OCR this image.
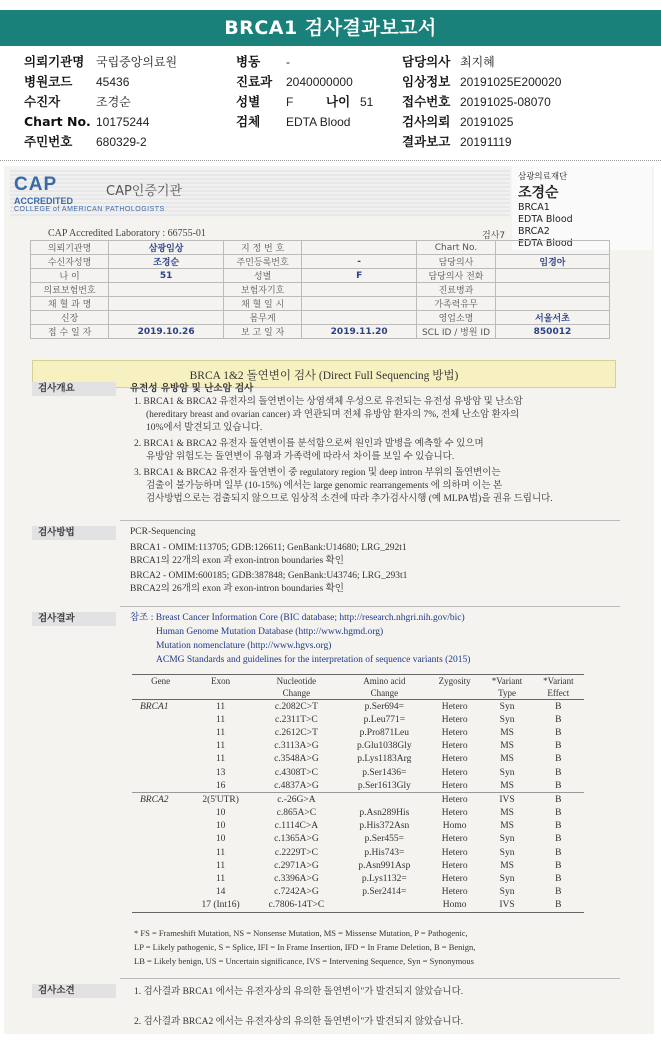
BRCA1 검사결과보고서
의뢰기관명 국립중앙의료원	병동 -	담당의사 최지혜
병원코드 45436	진료과 2040000000	임상정보 20191025E200020
수진자	조경순	성별 F	나이 51 접수번호 20191025-08070
Chart No. 10175244	검체 EDTA Blood	검사의뢰 20191025
주민번호 680329-2	결과보고 20191119
CAP
ACCREDITED
COLLEGE of AMERICAN PATHOLOGISTS
CAP인증기관
삼광의료재단
조경순
BRCA1
EDTA Blood
BRCA2
EDTA Blood
CAP Accredited Laboratory : 66755-01	검사7
의뢰기관명	삼광임상	지 정 번 호		Chart No.	
수신자성명	조경순	주민등록번호	-	담당의사	임경아
나 이	51	성별	F	담당의사 전화	
의료보험번호		보험자기호		진료병과	
채 혈 과 명		채 혈 일 시		가족력유무	
신장		몸무게		영업소명	서울서초
접 수 일 자	2019.10.26	보 고 일 자	2019.11.20	SCL ID / 병원 ID	850012
BRCA 1&2 돌연변이 검사 (Direct Full Sequencing 방법)
검사개요	유전성 유방암 및 난소암 검사
1. BRCA1 & BRCA2 유전자의 돌연변이는 상염색체 우성으로 유전되는 유전성 유방암 및 난소암
(hereditary breast and ovarian cancer) 과 연관되며 전체 유방암 환자의 7%, 전체 난소암 환자의
10%에서 발견되고 있습니다.
2. BRCA1 & BRCA2 유전자 돌연변이를 분석함으로써 원인과 발병을 예측할 수 있으며
유방암 위험도는 돌연변이 유형과 가족력에 따라서 차이를 보일 수 있습니다.
3. BRCA1 & BRCA2 유전자 돌연변이 중 regulatory region 및 deep intron 부위의 돌연변이는
검출이 불가능하며 일부 (10-15%) 에서는 large genomic rearrangements 에 의하며 이는 본
검사방법으로는 검출되지 않으므로 임상적 소견에 따라 추가검사시행 (예 MLPA법)을 권유 드립니다.
검사방법	PCR-Sequencing
BRCA1 - OMIM:113705; GDB:126611; GenBank:U14680; LRG_292t1
BRCA1의 22개의 exon 과 exon-intron boundaries 확인
BRCA2 - OMIM:600185; GDB:387848; GenBank:U43746; LRG_293t1
BRCA2의 26개의 exon 과 exon-intron boundaries 확인
검사결과	참조 : Breast Cancer Information Core (BIC database; http://research.nhgri.nih.gov/bic)
Human Genome Mutation Database (http://www.hgmd.org)
Mutation nomenclature (http://www.hgvs.org)
ACMG Standards and guidelines for the interpretation of sequence variants (2015)
Gene	Exon	Nucleotide	Amino acid	Zygosity	*Variant	*Variant
		Change	Change		Type	Effect
BRCA1	11	c.2082C>T	p.Ser694=	Hetero	Syn	B
	11	c.2311T>C	p.Leu771=	Hetero	Syn	B
	11	c.2612C>T	p.Pro871Leu	Hetero	MS	B
	11	c.3113A>G	p.Glu1038Gly	Hetero	MS	B
	11	c.3548A>G	p.Lys1183Arg	Hetero	MS	B
	13	c.4308T>C	p.Ser1436=	Hetero	Syn	B
	16	c.4837A>G	p.Ser1613Gly	Hetero	MS	B
BRCA2	2(5'UTR)	c.-26G>A		Hetero	IVS	B
	10	c.865A>C	p.Asn289His	Hetero	MS	B
	10	c.1114C>A	p.His372Asn	Homo	MS	B
	10	c.1365A>G	p.Ser455=	Hetero	Syn	B
	11	c.2229T>C	p.His743=	Hetero	Syn	B
	11	c.2971A>G	p.Asn991Asp	Hetero	MS	B
	11	c.3396A>G	p.Lys1132=	Hetero	Syn	B
	14	c.7242A>G	p.Ser2414=	Hetero	Syn	B
	17 (Int16)	c.7806-14T>C		Homo	IVS	B
* FS = Frameshift Mutation, NS = Nonsense Mutation, MS = Missense Mutation, P = Pathogenic,
LP = Likely pathogenic, S = Splice, IFI = In Frame Insertion, IFD = In Frame Deletion, B = Benign,
LB = Likely benign, US = Uncertain significance, IVS = Intervening Sequence, Syn = Synonymous
검사소견	1. 검사결과 BRCA1 에서는 유전자상의 유의한 돌연변이"가 발견되지 않았습니다.
2. 검사결과 BRCA2 에서는 유전자상의 유의한 돌연변이"가 발견되지 않았습니다.
